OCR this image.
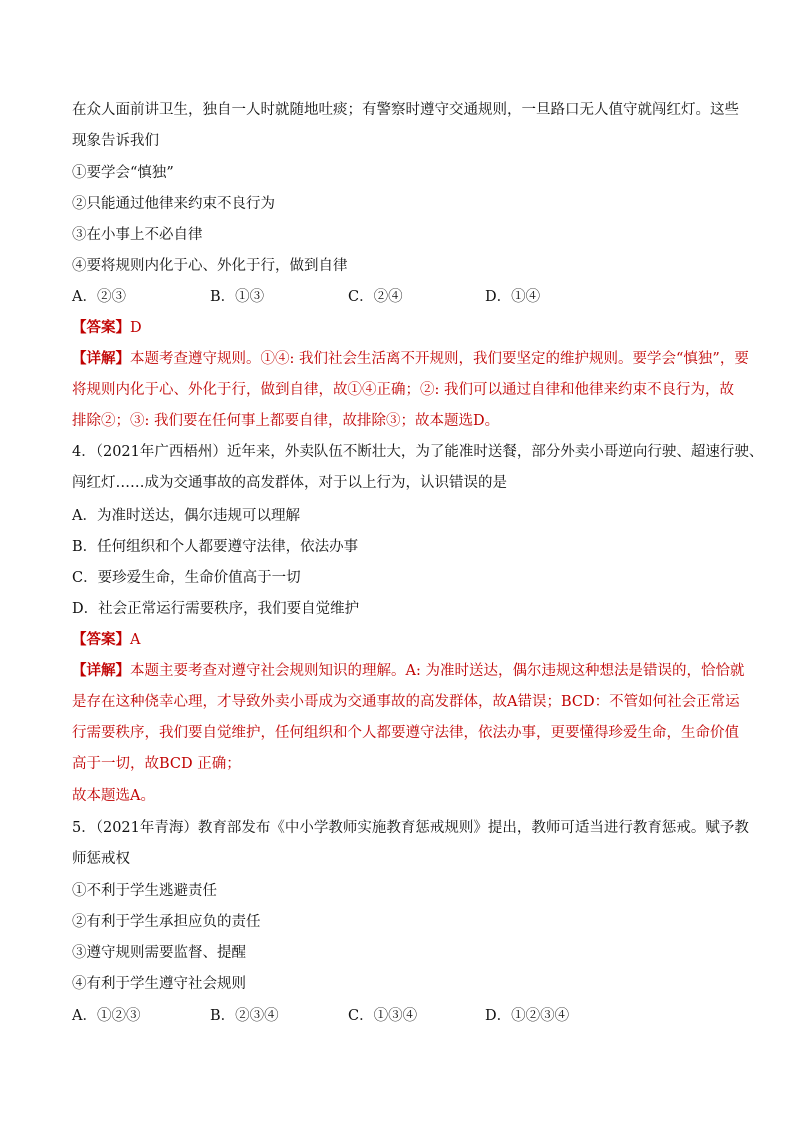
在众人面前讲卫生，独自一人时就随地吐痰；有警察时遵守交通规则，一旦路口无人值守就闯红灯。这些
现象告诉我们
①要学会“慎独”
②只能通过他律来约束不良行为
③在小事上不必自律
④要将规则内化于心、外化于行，做到自律
A．②③	B．①③	C．②④	D．①④
【答案】D
【详解】本题考查遵守规则。①④: 我们社会生活离不开规则，我们要坚定的维护规则。要学会“慎独”，要
将规则内化于心、外化于行，做到自律，故①④正确；②: 我们可以通过自律和他律来约束不良行为，故
排除②；③: 我们要在任何事上都要自律，故排除③；故本题选D。
4．（2021年广西梧州）近年来，外卖队伍不断壮大，为了能准时送餐，部分外卖小哥逆向行驶、超速行驶、
闯红灯……成为交通事故的高发群体，对于以上行为，认识错误的是
A．为准时送达，偶尔违规可以理解
B．任何组织和个人都要遵守法律，依法办事
C．要珍爱生命，生命价值高于一切
D．社会正常运行需要秩序，我们要自觉维护
【答案】A
【详解】本题主要考查对遵守社会规则知识的理解。A: 为准时送达，偶尔违规这种想法是错误的，恰恰就
是存在这种侥幸心理，才导致外卖小哥成为交通事故的高发群体，故A错误；BCD：不管如何社会正常运
行需要秩序，我们要自觉维护，任何组织和个人都要遵守法律，依法办事，更要懂得珍爱生命，生命价值
高于一切，故BCD 正确；
故本题选A。
5．（2021年青海）教育部发布《中小学教师实施教育惩戒规则》提出，教师可适当进行教育惩戒。赋予教
师惩戒权
①不利于学生逃避责任
②有利于学生承担应负的责任
③遵守规则需要监督、提醒
④有利于学生遵守社会规则
A．①②③	B．②③④	C．①③④	D．①②③④
